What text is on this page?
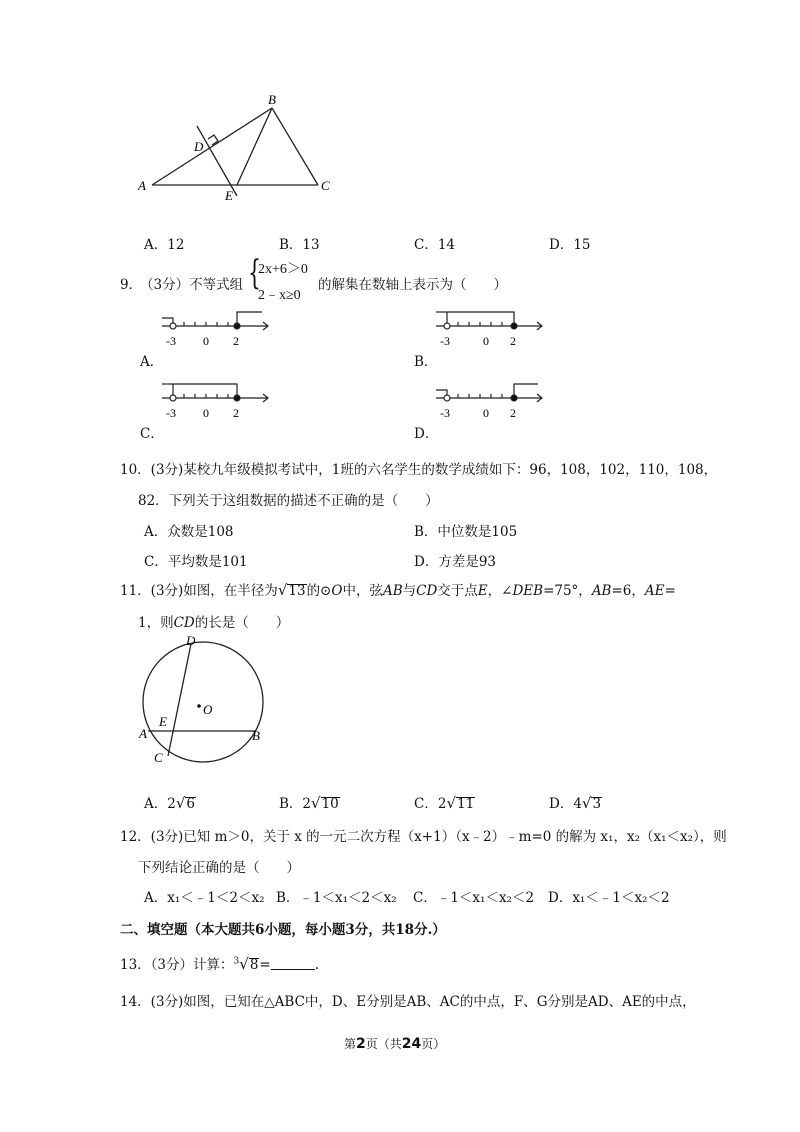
B
D
A
E
C
A．12	B．13	C．14	D．15
9．
（3分）不等式组 {
2x+6＞0
2﹣x≥0
的解集在数轴上表示为（　　）
-3 0 2	-3	0 2
-3 0 2	-3	0 2
A．	B．
C．	D．
10．(3分)某校九年级模拟考试中，1班的六名学生的数学成绩如下：96，108，102，110，108，
82．下列关于这组数据的描述不正确的是（　　）
A．众数是108	B．中位数是105
C．平均数是101	D．方差是93
11．(3分)如图，在半径为√13的⊙O中，弦AB与CD交于点E，∠DEB=75°，AB=6，AE=
1，则CD的长是（　　）
D
O
E
A	B
C
A．2√6	B．2√10	C．2√11	D．4√3
12．(3分)已知 m＞0，关于 x 的一元二次方程（x+1）（x﹣2）﹣m=0 的解为 x₁，x₂（x₁＜x₂），则
下列结论正确的是（　　）
A．x₁＜﹣1＜2＜x₂ B．﹣1＜x₁＜2＜x₂ C．﹣1＜x₁＜x₂＜2 D．x₁＜﹣1＜x₂＜2
二、填空题（本大题共6小题，每小题3分，共18分.）
13．（3分）计算：$^3$√8=	.
14．(3分)如图，已知在△ABC中，D、E分别是AB、AC的中点，F、G分别是AD、AE的中点，
第2页（共24页）
